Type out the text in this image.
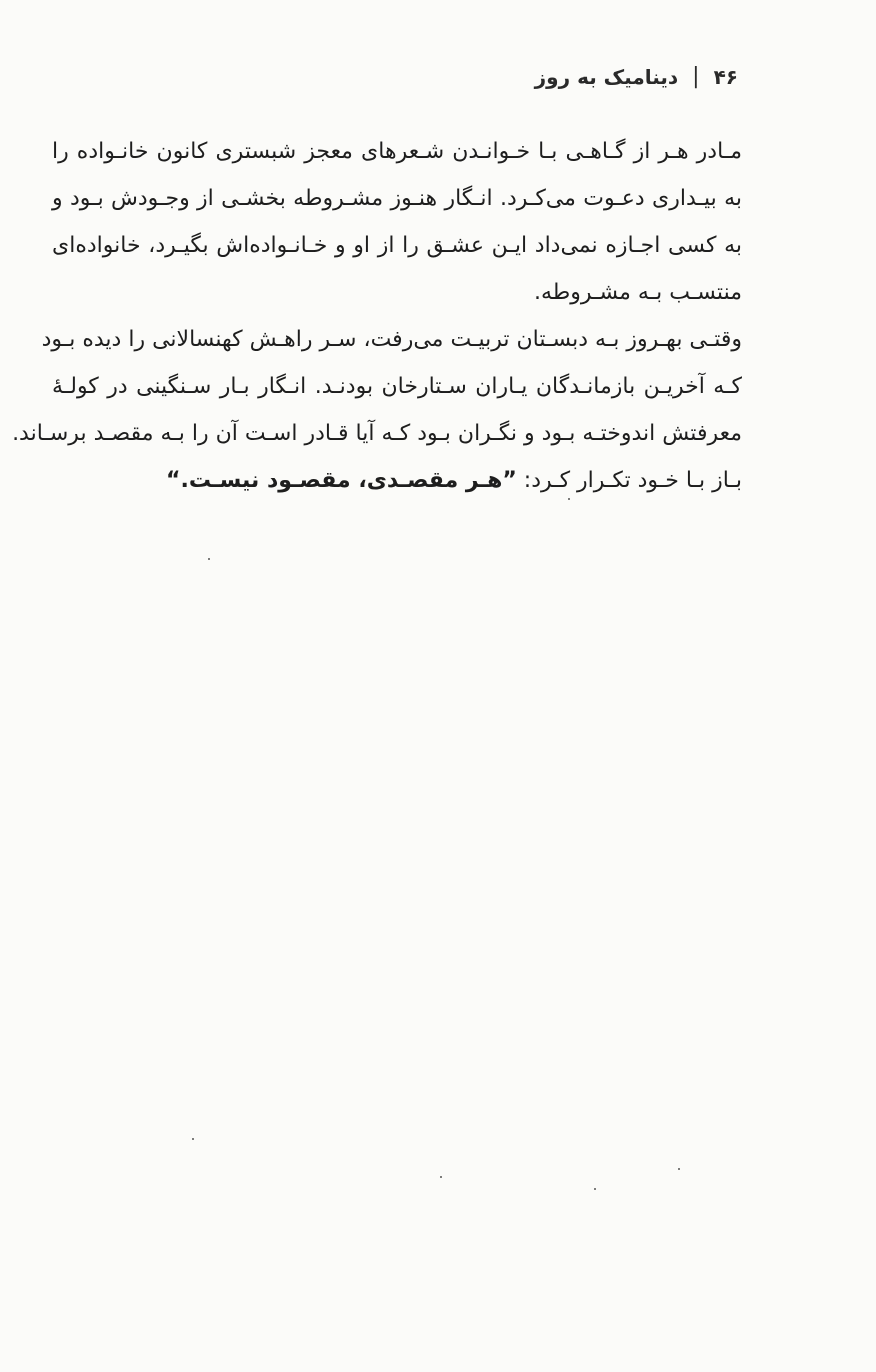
۴۶
|
دینامیک به روز
مـادر هـر از گـاهـی بـا خـوانـدن شـعرهای معجز شبستری کانون خانـواده را
به بیـداری دعـوت می‌کـرد. انـگار هنـوز مشـروطه بخشـی از وجـودش بـود و
به کسی اجـازه نمی‌داد ایـن عشـق را از او و خـانـواده‌اش بگیـرد، خانواده‌ای
منتسـب بـه مشـروطه.
وقتـی بهـروز بـه دبسـتان تربیـت می‌رفت، سـر راهـش کهنسالانی را دیده بـود
کـه آخریـن بازمانـدگان یـاران سـتارخان بودنـد. انـگار بـار سـنگینی در کولـهٔ
معرفتش اندوختـه بـود و نگـران بـود کـه آیا قـادر اسـت آن را بـه مقصـد برسـاند.
بـاز بـا خـود تکـرار کـرد: ”هـر مقصـدی، مقصـود نیسـت.“
